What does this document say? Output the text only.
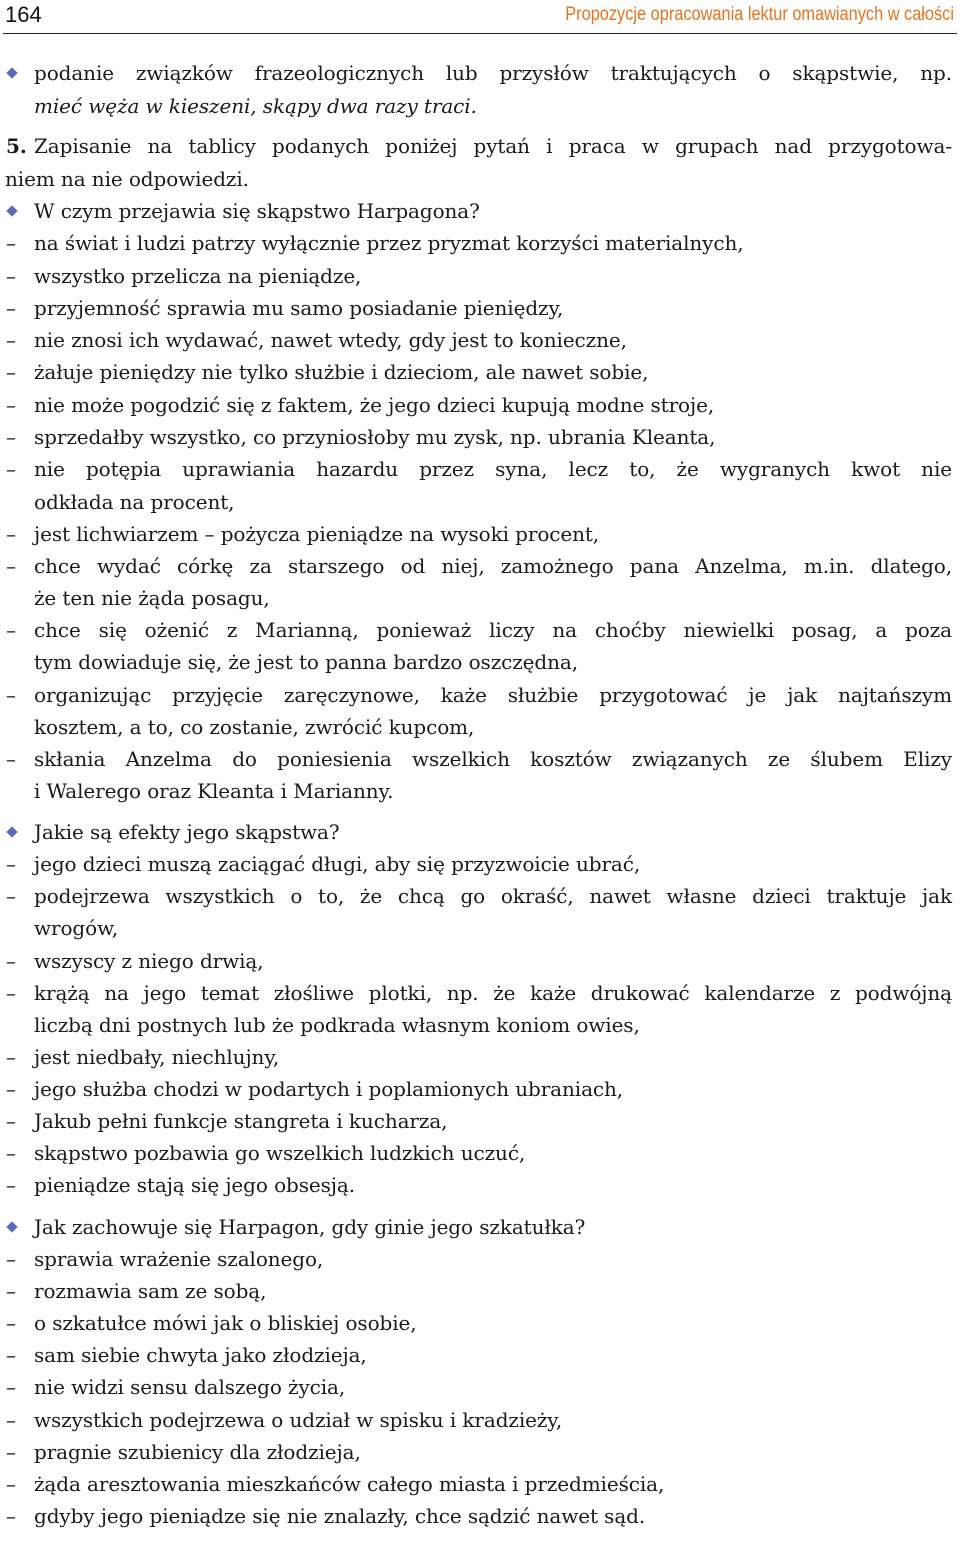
164	Propozycje opracowania lektur omawianych w całości
podanie związków frazeologicznych lub przysłów traktujących o skąpstwie, np.
mieć węża w kieszeni, skąpy dwa razy traci.
5. Zapisanie na tablicy podanych poniżej pytań i praca w grupach nad przygotowa-
niem na nie odpowiedzi.
W czym przejawia się skąpstwo Harpagona?
– na świat i ludzi patrzy wyłącznie przez pryzmat korzyści materialnych,
– wszystko przelicza na pieniądze,
– przyjemność sprawia mu samo posiadanie pieniędzy,
– nie znosi ich wydawać, nawet wtedy, gdy jest to konieczne,
– żałuje pieniędzy nie tylko służbie i dzieciom, ale nawet sobie,
– nie może pogodzić się z faktem, że jego dzieci kupują modne stroje,
– sprzedałby wszystko, co przyniosłoby mu zysk, np. ubrania Kleanta,
– nie potępia uprawiania hazardu przez syna, lecz to, że wygranych kwot nie
odkłada na procent,
– jest lichwiarzem – pożycza pieniądze na wysoki procent,
– chce wydać córkę za starszego od niej, zamożnego pana Anzelma, m.in. dlatego,
że ten nie żąda posagu,
– chce się ożenić z Marianną, ponieważ liczy na choćby niewielki posag, a poza
tym dowiaduje się, że jest to panna bardzo oszczędna,
– organizując przyjęcie zaręczynowe, każe służbie przygotować je jak najtańszym
kosztem, a to, co zostanie, zwrócić kupcom,
– skłania Anzelma do poniesienia wszelkich kosztów związanych ze ślubem Elizy
i Walerego oraz Kleanta i Marianny.
Jakie są efekty jego skąpstwa?
– jego dzieci muszą zaciągać długi, aby się przyzwoicie ubrać,
– podejrzewa wszystkich o to, że chcą go okraść, nawet własne dzieci traktuje jak
wrogów,
– wszyscy z niego drwią,
– krążą na jego temat złośliwe plotki, np. że każe drukować kalendarze z podwójną
liczbą dni postnych lub że podkrada własnym koniom owies,
– jest niedbały, niechlujny,
– jego służba chodzi w podartych i poplamionych ubraniach,
– Jakub pełni funkcje stangreta i kucharza,
– skąpstwo pozbawia go wszelkich ludzkich uczuć,
– pieniądze stają się jego obsesją.
Jak zachowuje się Harpagon, gdy ginie jego szkatułka?
– sprawia wrażenie szalonego,
– rozmawia sam ze sobą,
– o szkatułce mówi jak o bliskiej osobie,
– sam siebie chwyta jako złodzieja,
– nie widzi sensu dalszego życia,
– wszystkich podejrzewa o udział w spisku i kradzieży,
– pragnie szubienicy dla złodzieja,
– żąda aresztowania mieszkańców całego miasta i przedmieścia,
– gdyby jego pieniądze się nie znalazły, chce sądzić nawet sąd.
